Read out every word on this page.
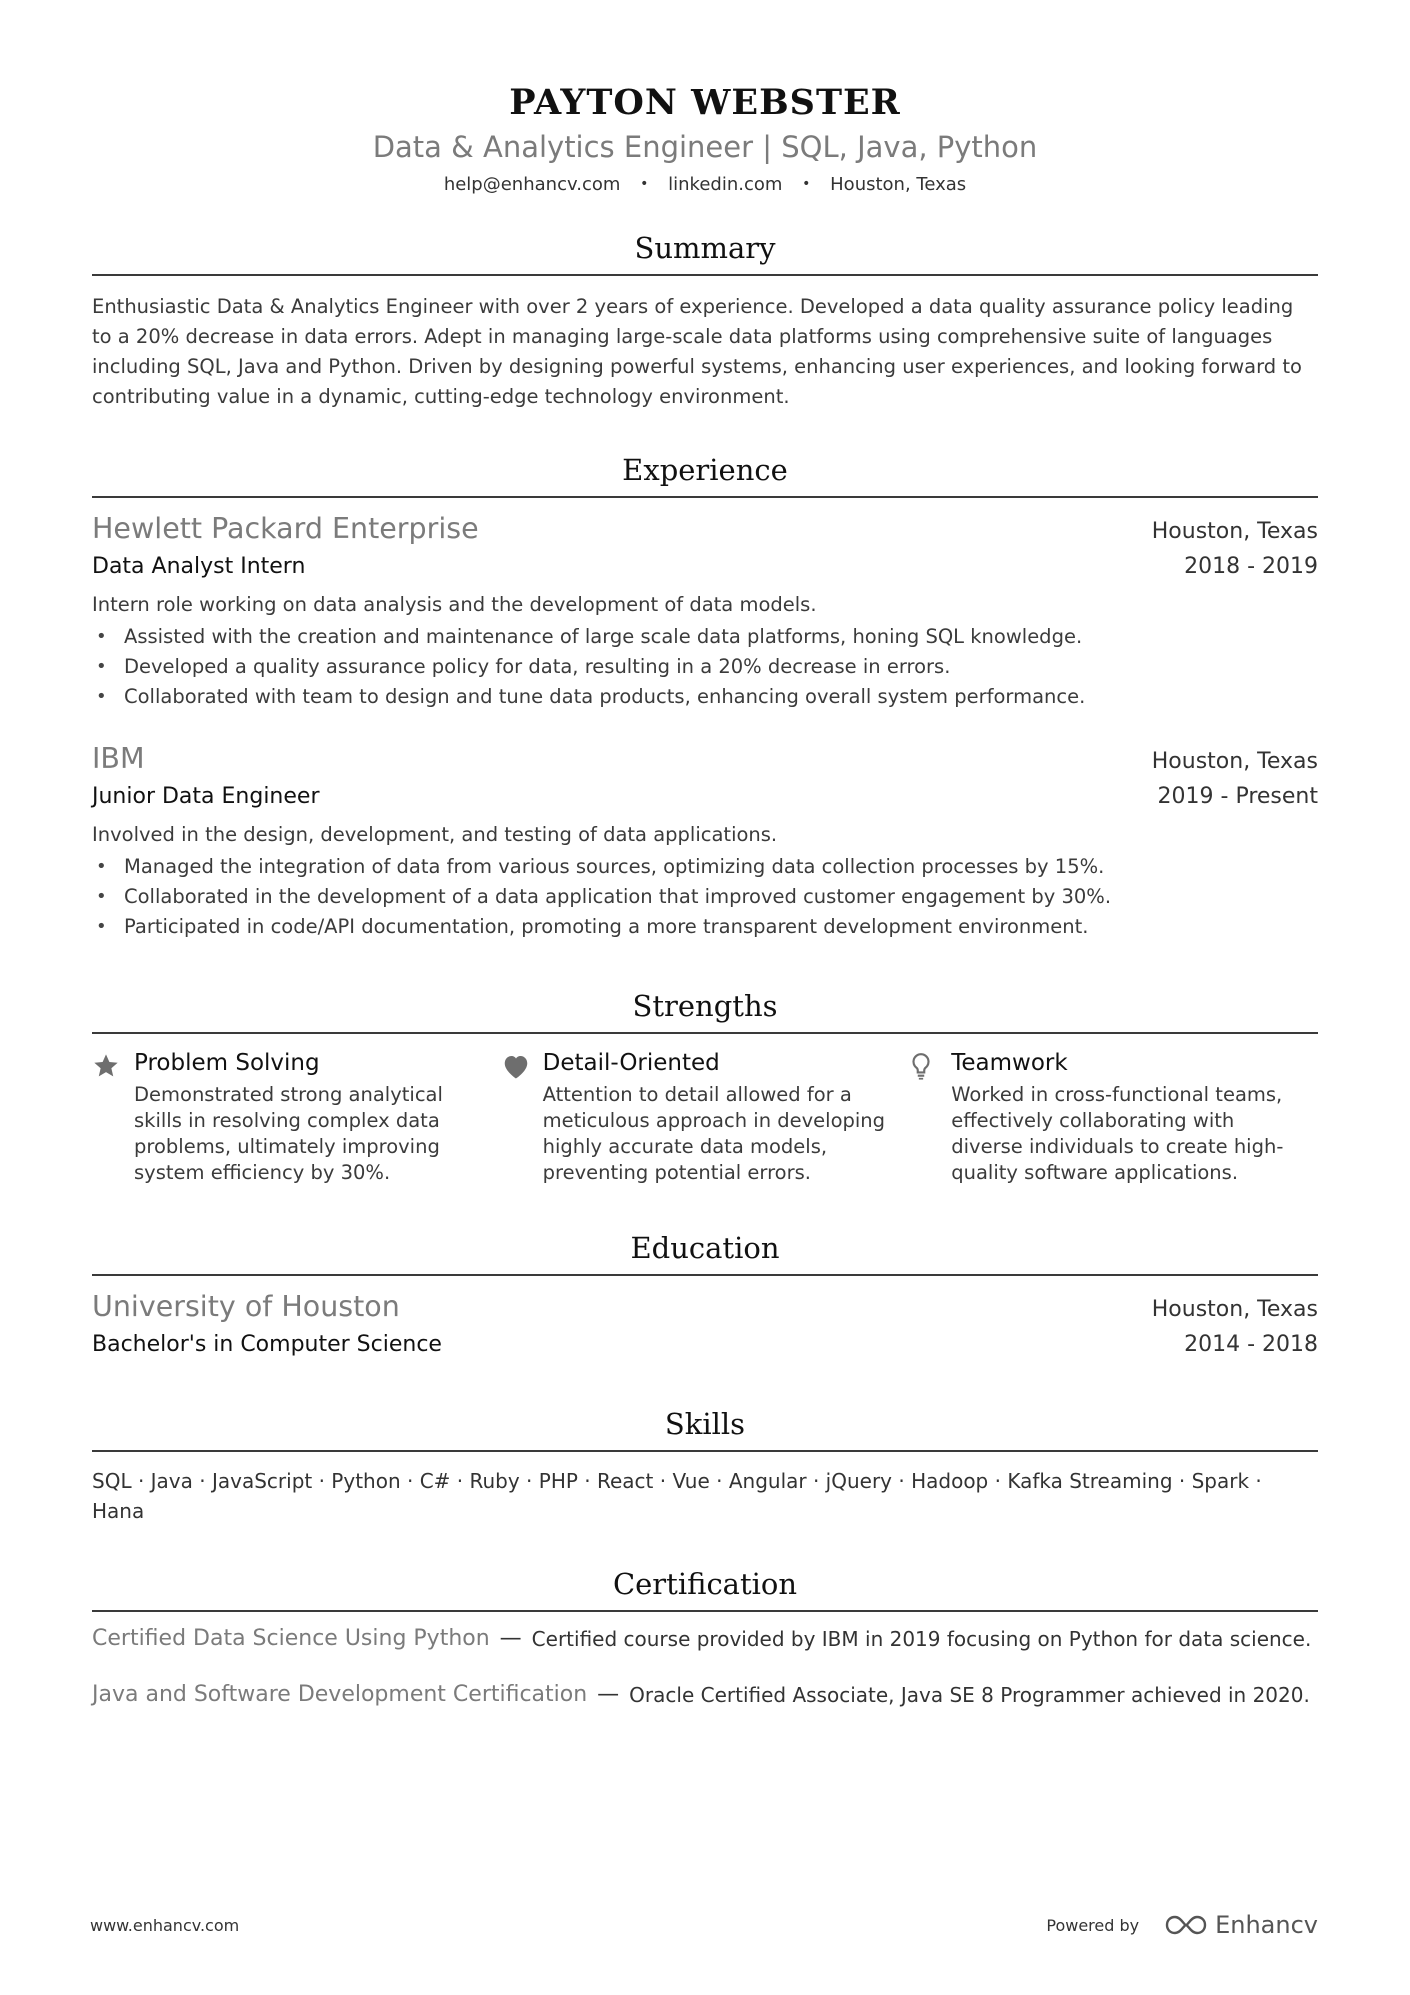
PAYTON WEBSTER
Data & Analytics Engineer | SQL, Java, Python
help@enhancv.com • linkedin.com • Houston, Texas
Summary
Enthusiastic Data & Analytics Engineer with over 2 years of experience. Developed a data quality assurance policy leading to a 20% decrease in data errors. Adept in managing large-scale data platforms using comprehensive suite of languages including SQL, Java and Python. Driven by designing powerful systems, enhancing user experiences, and looking forward to contributing value in a dynamic, cutting-edge technology environment.
Experience
Hewlett Packard Enterprise	Houston, Texas
Data Analyst Intern	2018 - 2019
Intern role working on data analysis and the development of data models.
• Assisted with the creation and maintenance of large scale data platforms, honing SQL knowledge.
• Developed a quality assurance policy for data, resulting in a 20% decrease in errors.
• Collaborated with team to design and tune data products, enhancing overall system performance.
IBM	Houston, Texas
Junior Data Engineer	2019 - Present
Involved in the design, development, and testing of data applications.
• Managed the integration of data from various sources, optimizing data collection processes by 15%.
• Collaborated in the development of a data application that improved customer engagement by 30%.
• Participated in code/API documentation, promoting a more transparent development environment.
Strengths
Problem Solving
Demonstrated strong analytical skills in resolving complex data problems, ultimately improving system efficiency by 30%.
Detail-Oriented
Attention to detail allowed for a meticulous approach in developing highly accurate data models, preventing potential errors.
Teamwork
Worked in cross-functional teams, effectively collaborating with diverse individuals to create high-quality software applications.
Education
University of Houston	Houston, Texas
Bachelor's in Computer Science	2014 - 2018
Skills
SQL · Java · JavaScript · Python · C# · Ruby · PHP · React · Vue · Angular · jQuery · Hadoop · Kafka Streaming · Spark · Hana
Certification
Certified Data Science Using Python — Certified course provided by IBM in 2019 focusing on Python for data science.
Java and Software Development Certification — Oracle Certified Associate, Java SE 8 Programmer achieved in 2020.
www.enhancv.com	Powered by	Enhancv
